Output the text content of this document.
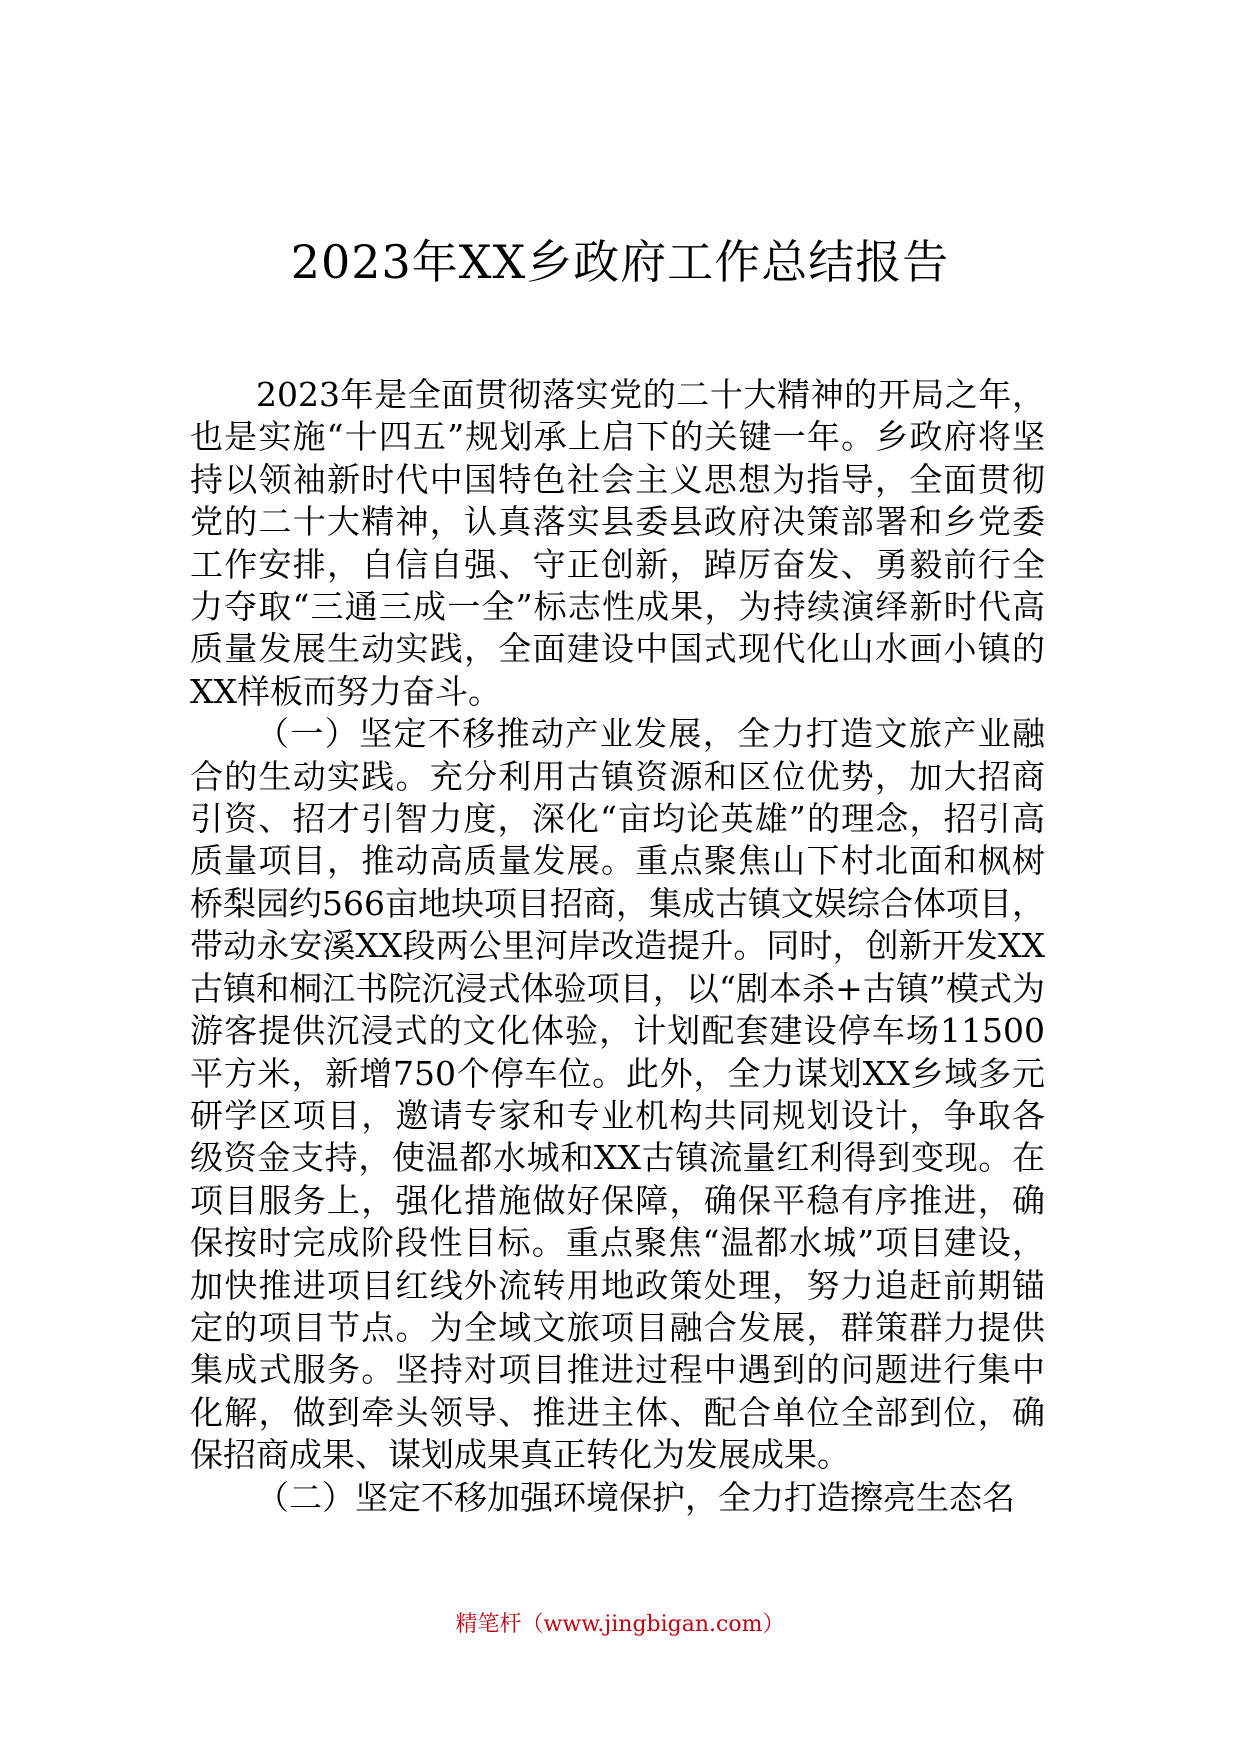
2023年XX乡政府工作总结报告

2023年是全面贯彻落实党的二十大精神的开局之年，也是实施“十四五”规划承上启下的关键一年。乡政府将坚持以领袖新时代中国特色社会主义思想为指导，全面贯彻党的二十大精神，认真落实县委县政府决策部署和乡党委工作安排，自信自强、守正创新，踔厉奋发、勇毅前行全力夺取“三通三成一全”标志性成果，为持续演绎新时代高质量发展生动实践，全面建设中国式现代化山水画小镇的XX样板而努力奋斗。

（一）坚定不移推动产业发展，全力打造文旅产业融合的生动实践。充分利用古镇资源和区位优势，加大招商引资、招才引智力度，深化“亩均论英雄”的理念，招引高质量项目，推动高质量发展。重点聚焦山下村北面和枫树桥梨园约566亩地块项目招商，集成古镇文娱综合体项目，带动永安溪XX段两公里河岸改造提升。同时，创新开发XX古镇和桐江书院沉浸式体验项目，以“剧本杀+古镇”模式为游客提供沉浸式的文化体验，计划配套建设停车场11500平方米，新增750个停车位。此外，全力谋划XX乡域多元研学区项目，邀请专家和专业机构共同规划设计，争取各级资金支持，使温都水城和XX古镇流量红利得到变现。在项目服务上，强化措施做好保障，确保平稳有序推进，确保按时完成阶段性目标。重点聚焦“温都水城”项目建设，加快推进项目红线外流转用地政策处理，努力追赶前期锚定的项目节点。为全域文旅项目融合发展，群策群力提供集成式服务。坚持对项目推进过程中遇到的问题进行集中化解，做到牵头领导、推进主体、配合单位全部到位，确保招商成果、谋划成果真正转化为发展成果。

（二）坚定不移加强环境保护，全力打造擦亮生态名

精笔杆（www.jingbigan.com）
